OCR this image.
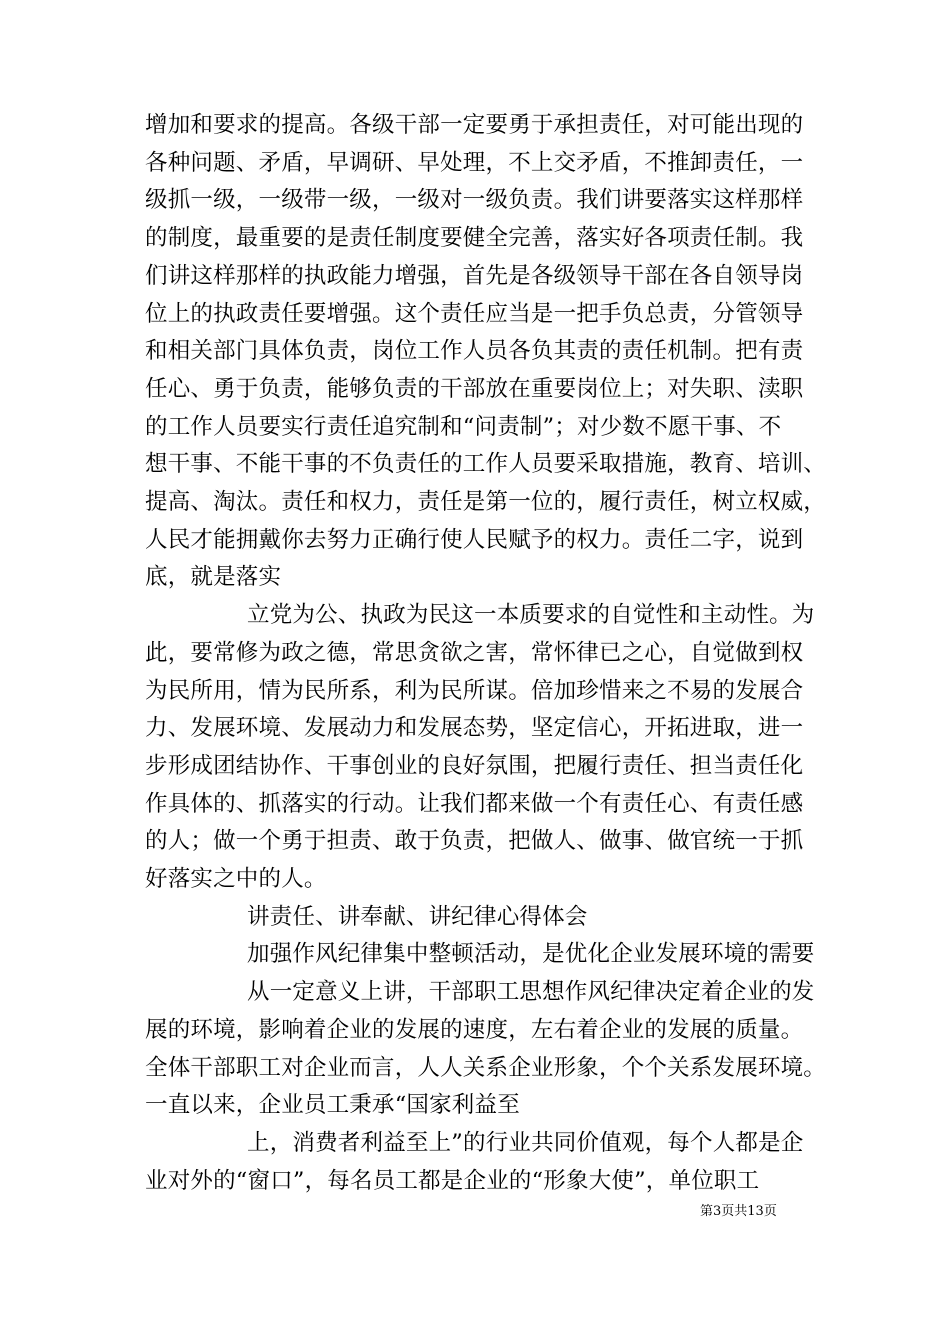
增加和要求的提高。各级干部一定要勇于承担责任，对可能出现的
各种问题、矛盾，早调研、早处理，不上交矛盾，不推卸责任，一
级抓一级，一级带一级，一级对一级负责。我们讲要落实这样那样
的制度，最重要的是责任制度要健全完善，落实好各项责任制。我
们讲这样那样的执政能力增强，首先是各级领导干部在各自领导岗
位上的执政责任要增强。这个责任应当是一把手负总责，分管领导
和相关部门具体负责，岗位工作人员各负其责的责任机制。把有责
任心、勇于负责，能够负责的干部放在重要岗位上；对失职、渎职
的工作人员要实行责任追究制和“问责制”；对少数不愿干事、不
想干事、不能干事的不负责任的工作人员要采取措施，教育、培训、
提高、淘汰。责任和权力，责任是第一位的，履行责任，树立权威，
人民才能拥戴你去努力正确行使人民赋予的权力。责任二字，说到
底，就是落实
立党为公、执政为民这一本质要求的自觉性和主动性。为
此，要常修为政之德，常思贪欲之害，常怀律已之心，自觉做到权
为民所用，情为民所系，利为民所谋。倍加珍惜来之不易的发展合
力、发展环境、发展动力和发展态势，坚定信心，开拓进取，进一
步形成团结协作、干事创业的良好氛围，把履行责任、担当责任化
作具体的、抓落实的行动。让我们都来做一个有责任心、有责任感
的人；做一个勇于担责、敢于负责，把做人、做事、做官统一于抓
好落实之中的人。
讲责任、讲奉献、讲纪律心得体会
加强作风纪律集中整顿活动，是优化企业发展环境的需要
从一定意义上讲，干部职工思想作风纪律决定着企业的发
展的环境，影响着企业的发展的速度，左右着企业的发展的质量。
全体干部职工对企业而言，人人关系企业形象，个个关系发展环境。
一直以来，企业员工秉承“国家利益至
上，消费者利益至上”的行业共同价值观，每个人都是企
业对外的“窗口”，每名员工都是企业的“形象大使”，单位职工
第3页共13页
